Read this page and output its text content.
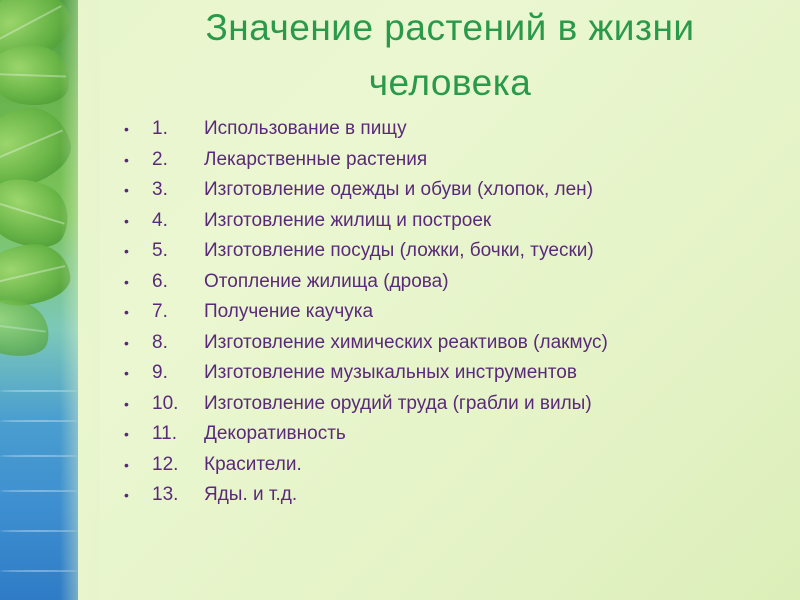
Значение растений в жизни
человека
•	1.	Использование в пищу
•	2.	Лекарственные растения
•	3.	Изготовление одежды и обуви (хлопок, лен)
•	4.	Изготовление жилищ и построек
•	5.	Изготовление посуды (ложки, бочки, туески)
•	6.	Отопление жилища (дрова)
•	7.	Получение каучука
•	8.	Изготовление химических реактивов (лакмус)
•	9.	Изготовление музыкальных инструментов
•	10.	Изготовление орудий труда (грабли и вилы)
•	11.	Декоративность
•	12.	Красители.
•	13.	Яды. и т.д.
